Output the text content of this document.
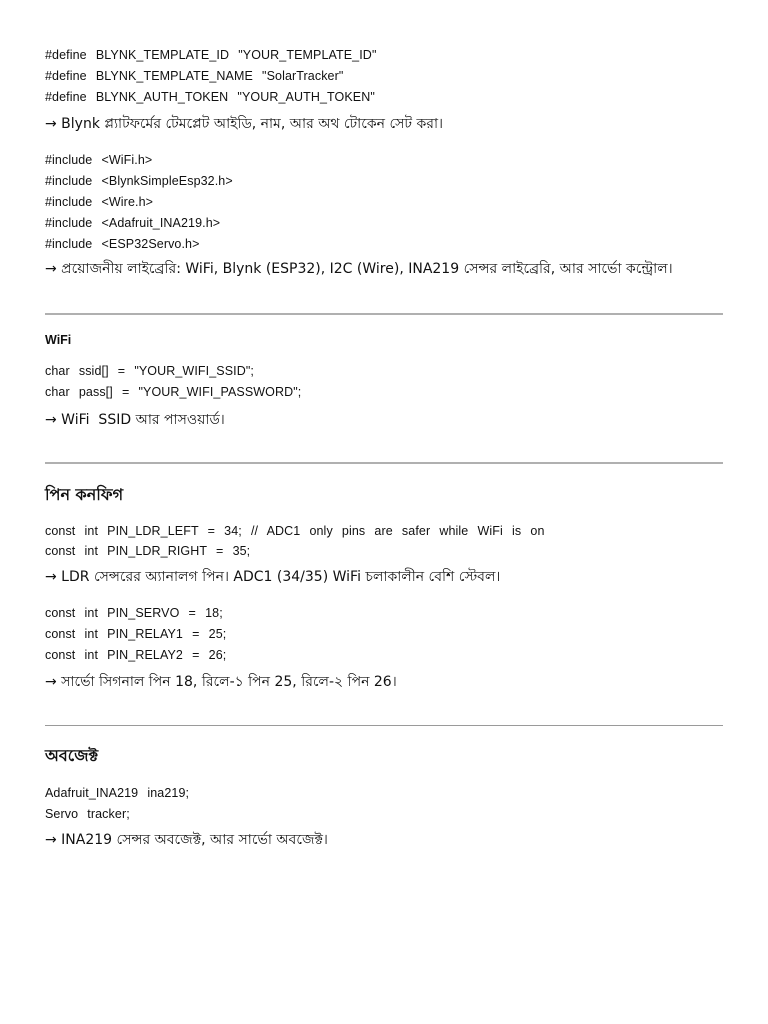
#define  BLYNK_TEMPLATE_ID  "YOUR_TEMPLATE_ID"

#define  BLYNK_TEMPLATE_NAME  "SolarTracker"

#define  BLYNK_AUTH_TOKEN  "YOUR_AUTH_TOKEN"

→ Blynk প্ল্যাটফর্মের টেমপ্লেট আইডি, নাম, আর অথ টোকেন সেট করা।

#include  <WiFi.h>

#include  <BlynkSimpleEsp32.h>

#include  <Wire.h>

#include  <Adafruit_INA219.h>

#include  <ESP32Servo.h>

→ প্রয়োজনীয় লাইব্রেরি: WiFi, Blynk (ESP32), I2C (Wire), INA219 সেন্সর লাইব্রেরি, আর সার্ভো কন্ট্রোল।

WiFi

char  ssid[]  =  "YOUR_WIFI_SSID";

char  pass[]  =  "YOUR_WIFI_PASSWORD";

→ WiFi  SSID আর পাসওয়ার্ড।

পিন কনফিগ

const  int  PIN_LDR_LEFT  =  34;  //  ADC1  only  pins  are  safer  while  WiFi  is  on

const  int  PIN_LDR_RIGHT  =  35;

→ LDR সেন্সরের অ্যানালগ পিন। ADC1 (34/35) WiFi চলাকালীন বেশি স্টেবল।

const  int  PIN_SERVO  =  18;

const  int  PIN_RELAY1  =  25;

const  int  PIN_RELAY2  =  26;

→ সার্ভো সিগনাল পিন 18, রিলে-১ পিন 25, রিলে-২ পিন 26।

অবজেক্ট

Adafruit_INA219  ina219;

Servo  tracker;

→ INA219 সেন্সর অবজেক্ট, আর সার্ভো অবজেক্ট।
